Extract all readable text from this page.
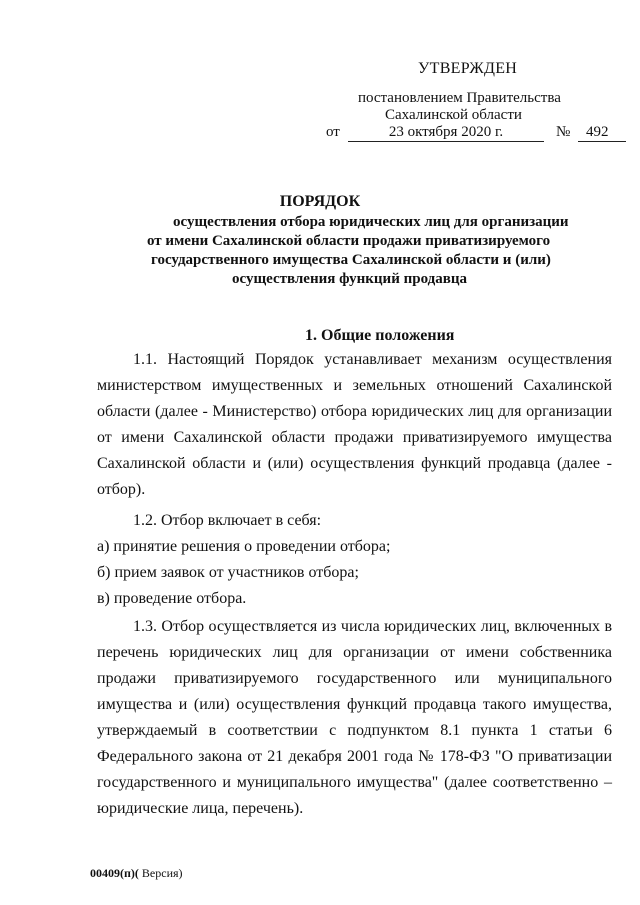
УТВЕРЖДЕН
постановлением Правительства
Сахалинской области
от	23 октября 2020 г.	№	492
ПОРЯДОК
осуществления отбора юридических лиц для организации
от имени Сахалинской области продажи приватизируемого
государственного имущества Сахалинской области и (или)
осуществления функций продавца
1. Общие положения
1.1. Настоящий Порядок устанавливает механизм осуществления министерством имущественных и земельных отношений Сахалинской области (далее - Министерство) отбора юридических лиц для организации от имени Сахалинской области продажи приватизируемого имущества Сахалинской области и (или) осуществления функций продавца (далее - отбор).
1.2. Отбор включает в себя:
а) принятие решения о проведении отбора;
б) прием заявок от участников отбора;
в) проведение отбора.
1.3. Отбор осуществляется из числа юридических лиц, включенных в перечень юридических лиц для организации от имени собственника продажи приватизируемого государственного или муниципального имущества и (или) осуществления функций продавца такого имущества, утверждаемый в соответствии с подпунктом 8.1 пункта 1 статьи 6 Федерального закона от 21 декабря 2001 года № 178-ФЗ "О приватизации государственного и муниципального имущества" (далее соответственно – юридические лица, перечень).
00409(п)( Версия)
